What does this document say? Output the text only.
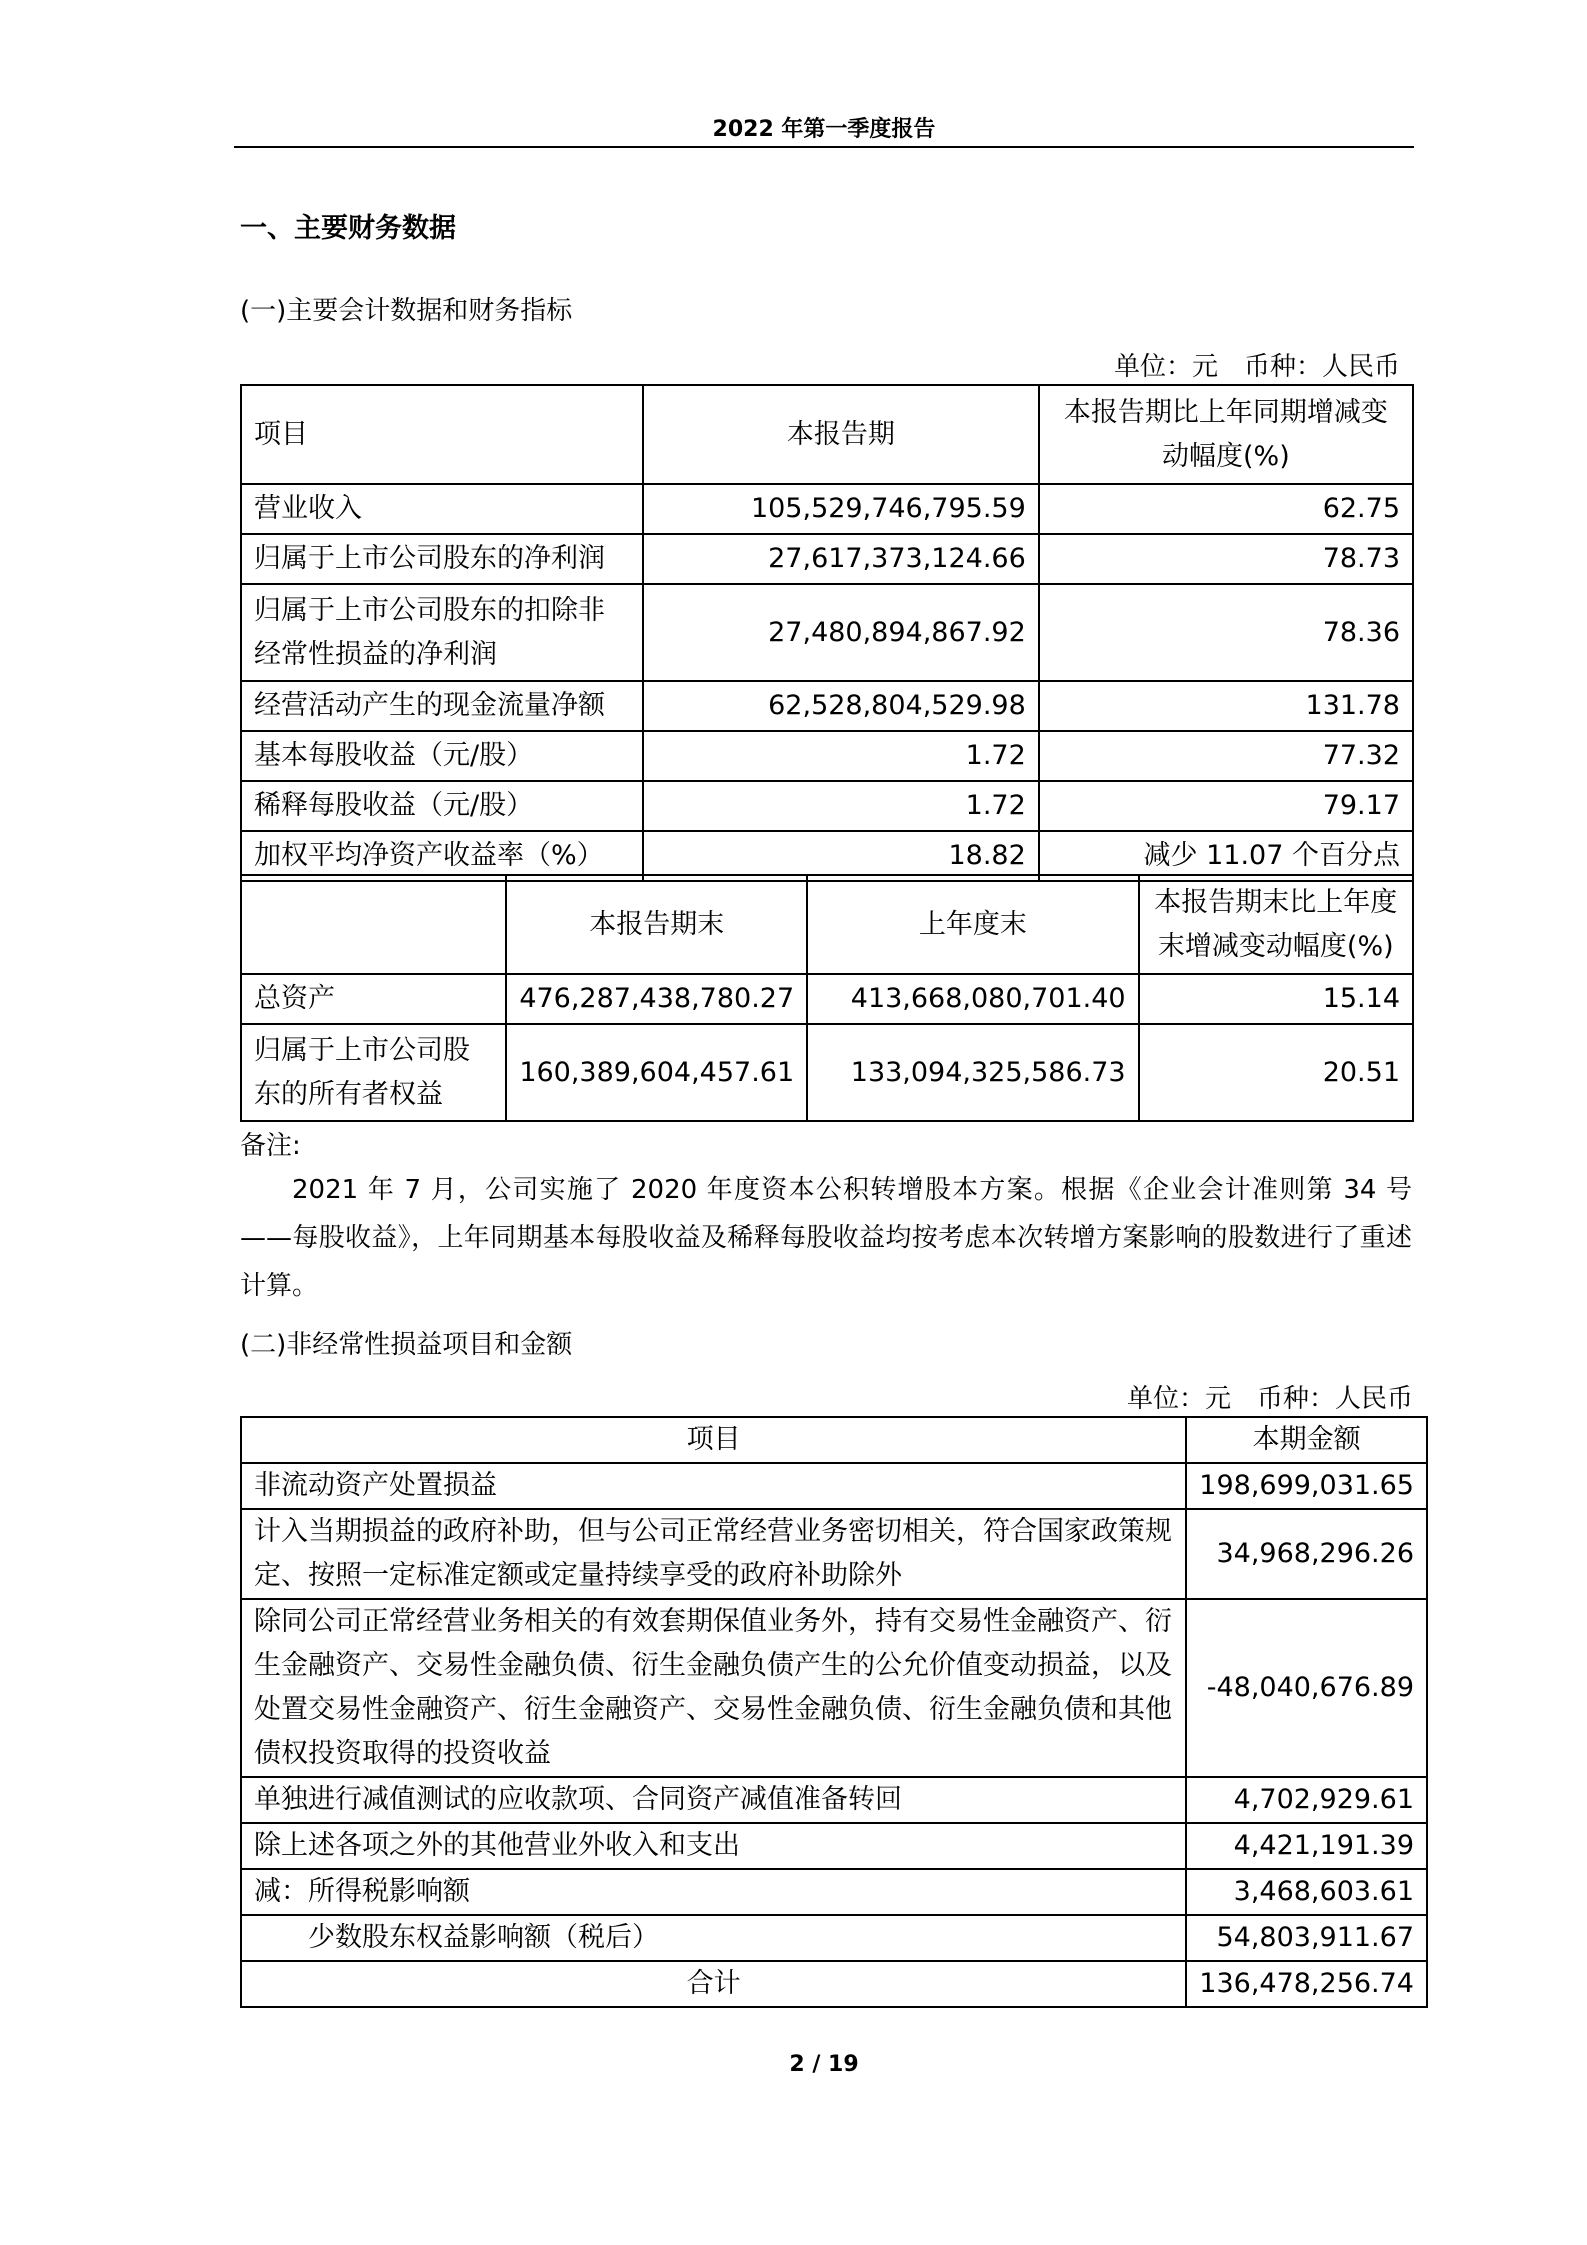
2022 年第一季度报告
一、主要财务数据
(一)主要会计数据和财务指标
单位：元　币种：人民币
项目	本报告期	本报告期比上年同期增减变动幅度(%)
营业收入	105,529,746,795.59	62.75
归属于上市公司股东的净利润	27,617,373,124.66	78.73
归属于上市公司股东的扣除非经常性损益的净利润	27,480,894,867.92	78.36
经营活动产生的现金流量净额	62,528,804,529.98	131.78
基本每股收益（元/股）	1.72	77.32
稀释每股收益（元/股）	1.72	79.17
加权平均净资产收益率（%）	18.82	减少 11.07 个百分点
	本报告期末	上年度末	本报告期末比上年度末增减变动幅度(%)
总资产	476,287,438,780.27	413,668,080,701.40	15.14
归属于上市公司股东的所有者权益	160,389,604,457.61	133,094,325,586.73	20.51
备注:
2021 年 7 月，公司实施了 2020 年度资本公积转增股本方案。根据《企业会计准则第 34 号——每股收益》，上年同期基本每股收益及稀释每股收益均按考虑本次转增方案影响的股数进行了重述计算。
(二)非经常性损益项目和金额
单位：元　币种：人民币
项目	本期金额
非流动资产处置损益	198,699,031.65
计入当期损益的政府补助，但与公司正常经营业务密切相关，符合国家政策规定、按照一定标准定额或定量持续享受的政府补助除外	34,968,296.26
除同公司正常经营业务相关的有效套期保值业务外，持有交易性金融资产、衍生金融资产、交易性金融负债、衍生金融负债产生的公允价值变动损益，以及处置交易性金融资产、衍生金融资产、交易性金融负债、衍生金融负债和其他债权投资取得的投资收益	-48,040,676.89
单独进行减值测试的应收款项、合同资产减值准备转回	4,702,929.61
除上述各项之外的其他营业外收入和支出	4,421,191.39
减：所得税影响额	3,468,603.61
少数股东权益影响额（税后）	54,803,911.67
合计	136,478,256.74
2 / 19
